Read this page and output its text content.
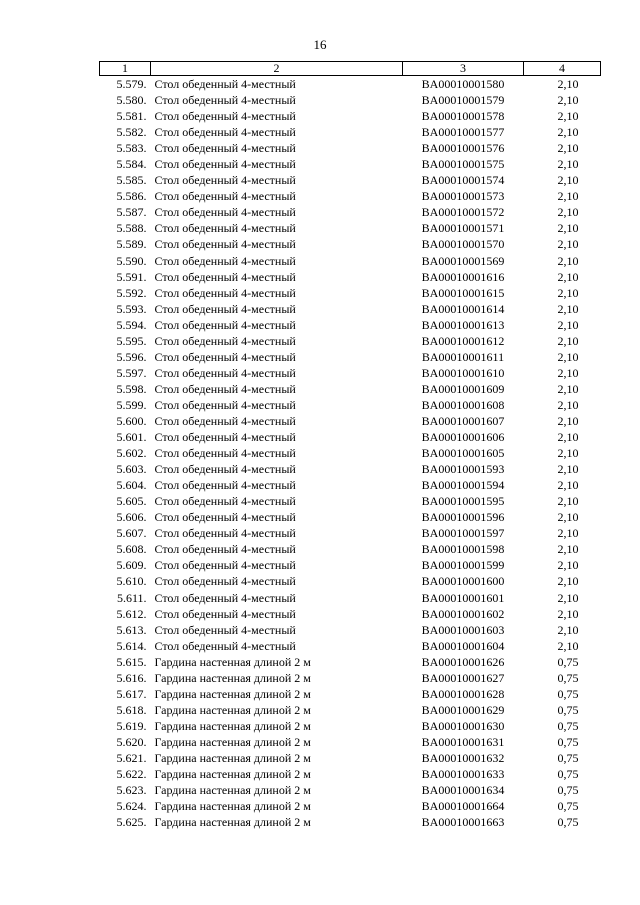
16
1	2	3	4
5.579.	Стол обеденный 4-местный	BA00010001580	2,10
5.580.	Стол обеденный 4-местный	BA00010001579	2,10
5.581.	Стол обеденный 4-местный	BA00010001578	2,10
5.582.	Стол обеденный 4-местный	BA00010001577	2,10
5.583.	Стол обеденный 4-местный	BA00010001576	2,10
5.584.	Стол обеденный 4-местный	BA00010001575	2,10
5.585.	Стол обеденный 4-местный	BA00010001574	2,10
5.586.	Стол обеденный 4-местный	BA00010001573	2,10
5.587.	Стол обеденный 4-местный	BA00010001572	2,10
5.588.	Стол обеденный 4-местный	BA00010001571	2,10
5.589.	Стол обеденный 4-местный	BA00010001570	2,10
5.590.	Стол обеденный 4-местный	BA00010001569	2,10
5.591.	Стол обеденный 4-местный	BA00010001616	2,10
5.592.	Стол обеденный 4-местный	BA00010001615	2,10
5.593.	Стол обеденный 4-местный	BA00010001614	2,10
5.594.	Стол обеденный 4-местный	BA00010001613	2,10
5.595.	Стол обеденный 4-местный	BA00010001612	2,10
5.596.	Стол обеденный 4-местный	BA00010001611	2,10
5.597.	Стол обеденный 4-местный	BA00010001610	2,10
5.598.	Стол обеденный 4-местный	BA00010001609	2,10
5.599.	Стол обеденный 4-местный	BA00010001608	2,10
5.600.	Стол обеденный 4-местный	BA00010001607	2,10
5.601.	Стол обеденный 4-местный	BA00010001606	2,10
5.602.	Стол обеденный 4-местный	BA00010001605	2,10
5.603.	Стол обеденный 4-местный	BA00010001593	2,10
5.604.	Стол обеденный 4-местный	BA00010001594	2,10
5.605.	Стол обеденный 4-местный	BA00010001595	2,10
5.606.	Стол обеденный 4-местный	BA00010001596	2,10
5.607.	Стол обеденный 4-местный	BA00010001597	2,10
5.608.	Стол обеденный 4-местный	BA00010001598	2,10
5.609.	Стол обеденный 4-местный	BA00010001599	2,10
5.610.	Стол обеденный 4-местный	BA00010001600	2,10
5.611.	Стол обеденный 4-местный	BA00010001601	2,10
5.612.	Стол обеденный 4-местный	BA00010001602	2,10
5.613.	Стол обеденный 4-местный	BA00010001603	2,10
5.614.	Стол обеденный 4-местный	BA00010001604	2,10
5.615.	Гардина настенная длиной 2 м	BA00010001626	0,75
5.616.	Гардина настенная длиной 2 м	BA00010001627	0,75
5.617.	Гардина настенная длиной 2 м	BA00010001628	0,75
5.618.	Гардина настенная длиной 2 м	BA00010001629	0,75
5.619.	Гардина настенная длиной 2 м	BA00010001630	0,75
5.620.	Гардина настенная длиной 2 м	BA00010001631	0,75
5.621.	Гардина настенная длиной 2 м	BA00010001632	0,75
5.622.	Гардина настенная длиной 2 м	BA00010001633	0,75
5.623.	Гардина настенная длиной 2 м	BA00010001634	0,75
5.624.	Гардина настенная длиной 2 м	BA00010001664	0,75
5.625.	Гардина настенная длиной 2 м	BA00010001663	0,75
